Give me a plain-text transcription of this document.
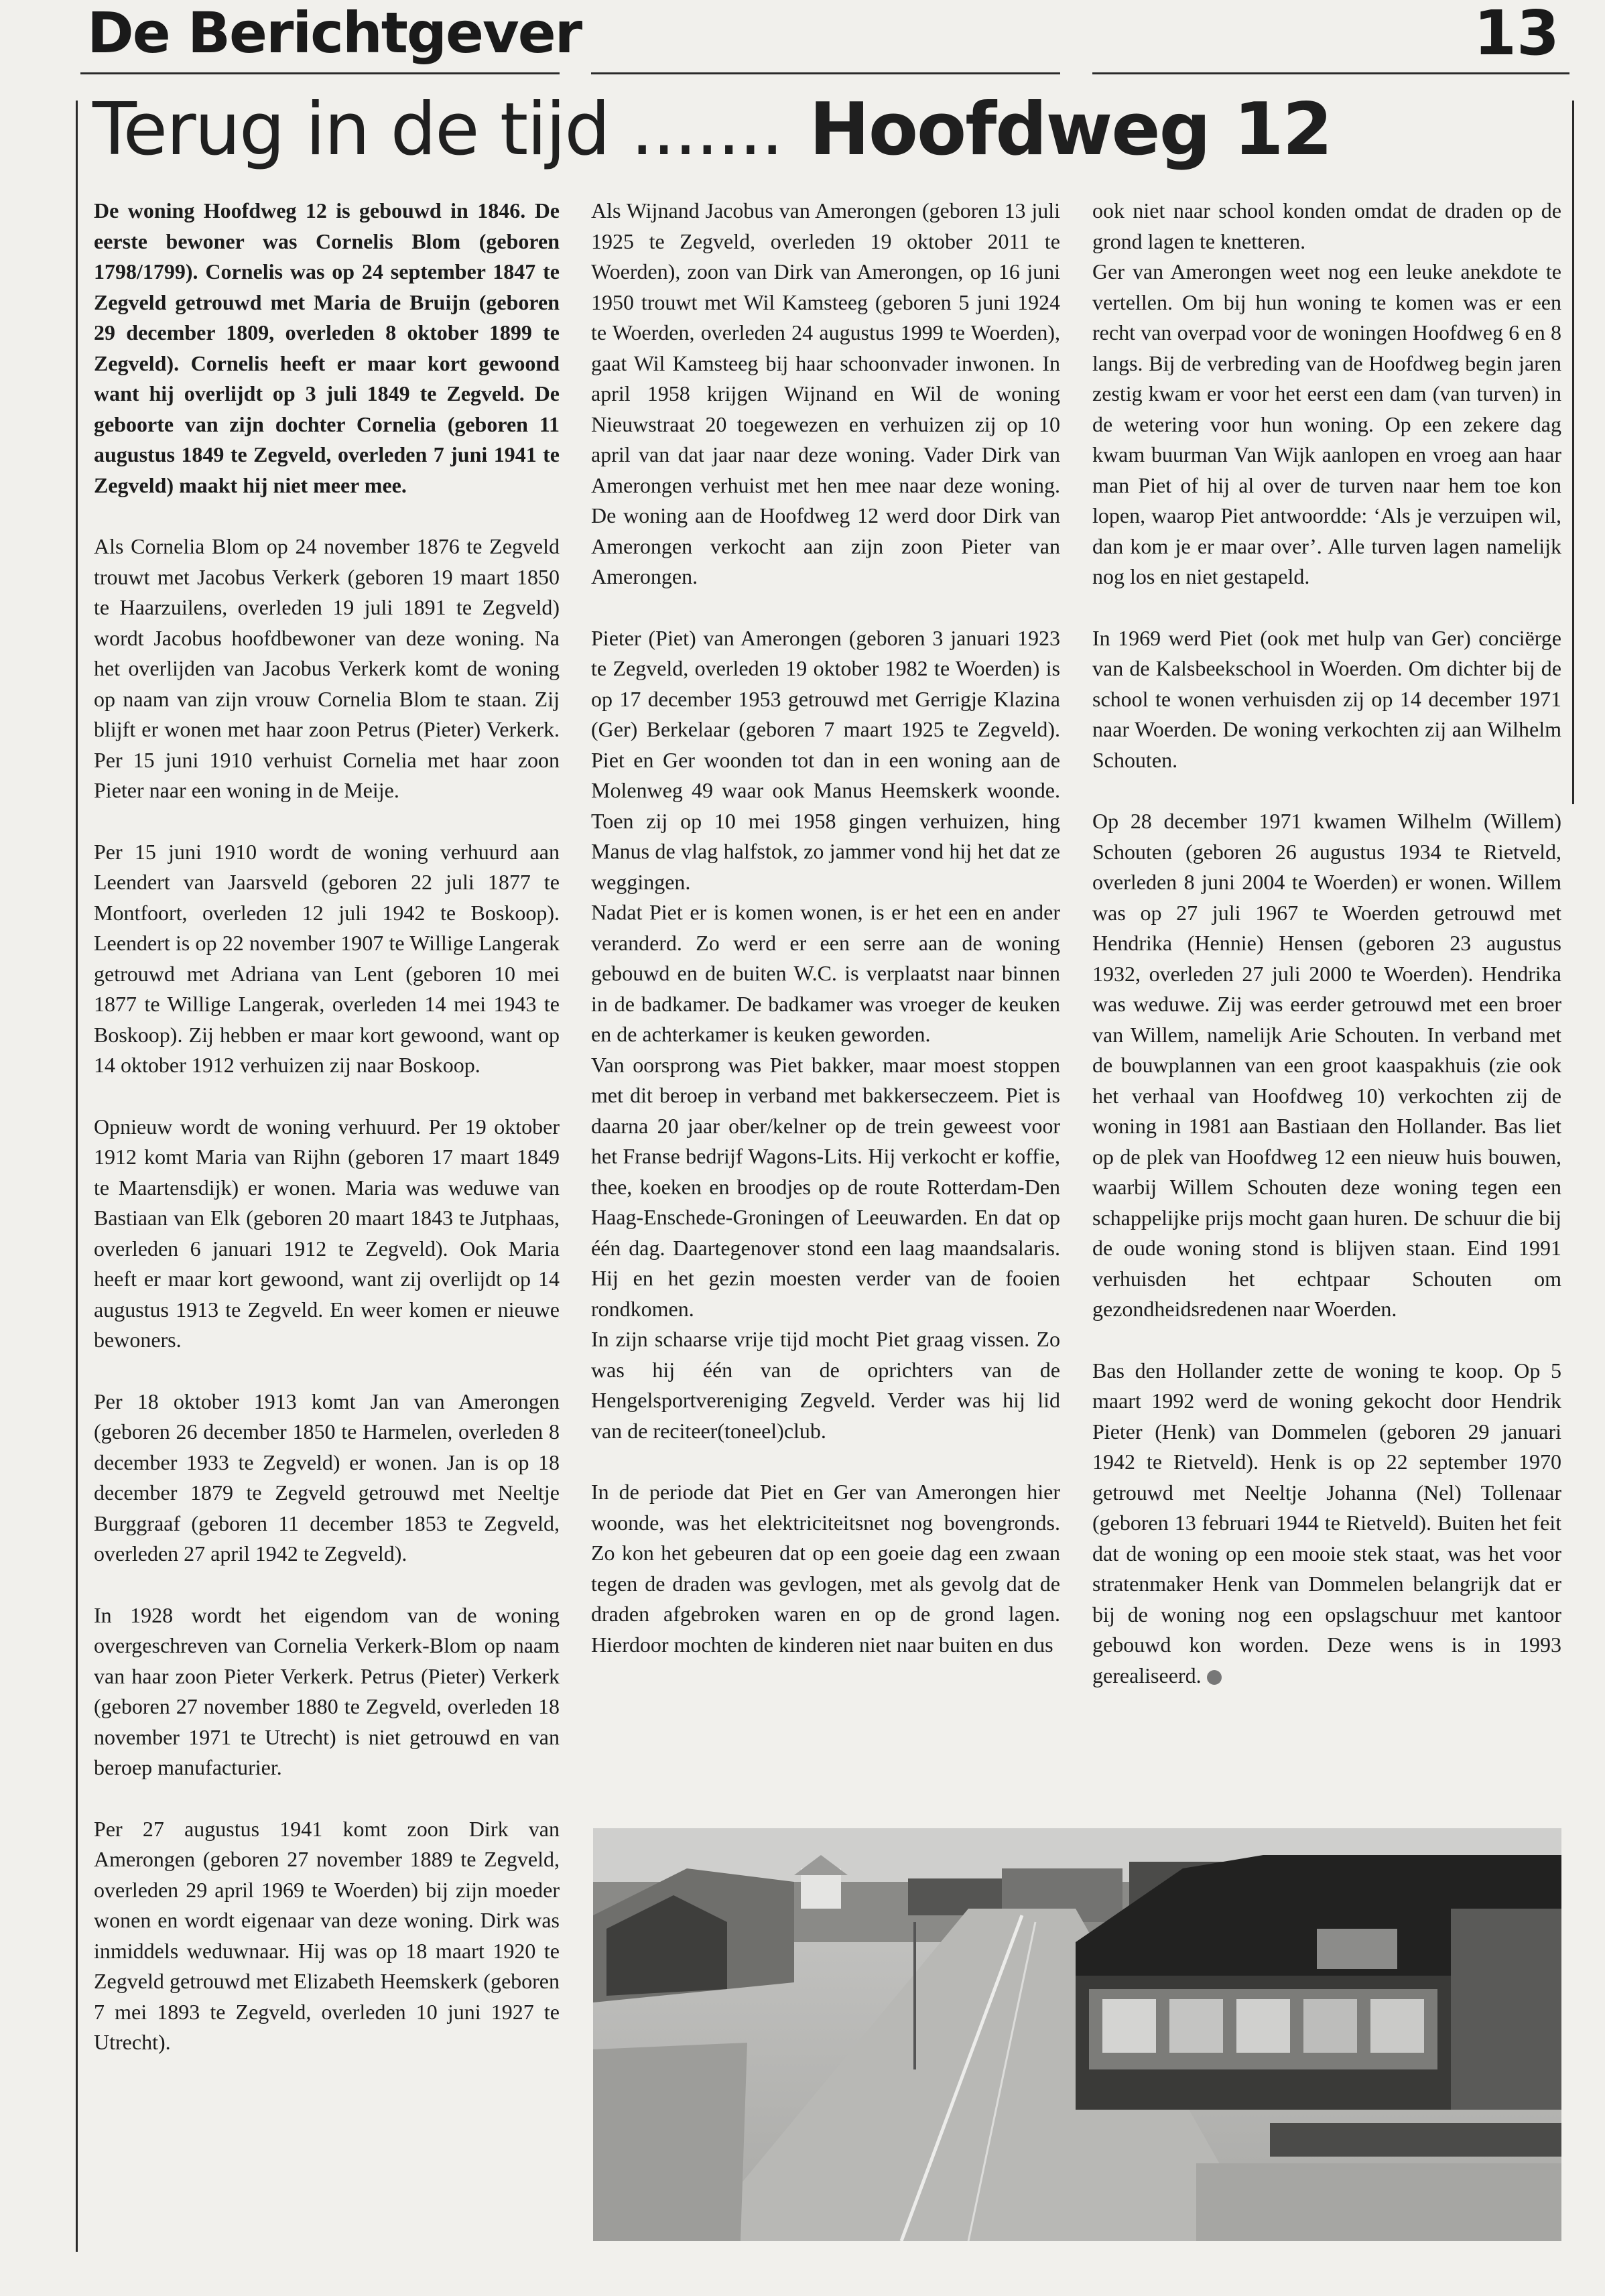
De Berichtgever	13
Terug in de tijd ....... Hoofdweg 12

De woning Hoofdweg 12 is gebouwd in 1846. De eerste bewoner was Cornelis Blom (geboren 1798/1799). Cornelis was op 24 september 1847 te Zegveld getrouwd met Maria de Bruijn (geboren 29 december 1809, overleden 8 oktober 1899 te Zegveld). Cornelis heeft er maar kort gewoond want hij overlijdt op 3 juli 1849 te Zegveld. De geboorte van zijn dochter Cornelia (geboren 11 augustus 1849 te Zegveld, overleden 7 juni 1941 te Zegveld) maakt hij niet meer mee.

Als Cornelia Blom op 24 november 1876 te Zegveld trouwt met Jacobus Verkerk (geboren 19 maart 1850 te Haarzuilens, overleden 19 juli 1891 te Zegveld) wordt Jacobus hoofdbewoner van deze woning. Na het overlijden van Jacobus Verkerk komt de woning op naam van zijn vrouw Cornelia Blom te staan. Zij blijft er wonen met haar zoon Petrus (Pieter) Verkerk. Per 15 juni 1910 verhuist Cornelia met haar zoon Pieter naar een woning in de Meije.

Per 15 juni 1910 wordt de woning verhuurd aan Leendert van Jaarsveld (geboren 22 juli 1877 te Montfoort, overleden 12 juli 1942 te Boskoop). Leendert is op 22 november 1907 te Willige Langerak getrouwd met Adriana van Lent (geboren 10 mei 1877 te Willige Langerak, overleden 14 mei 1943 te Boskoop). Zij hebben er maar kort gewoond, want op 14 oktober 1912 verhuizen zij naar Boskoop.

Opnieuw wordt de woning verhuurd. Per 19 oktober 1912 komt Maria van Rijhn (geboren 17 maart 1849 te Maartensdijk) er wonen. Maria was weduwe van Bastiaan van Elk (geboren 20 maart 1843 te Jutphaas, overleden 6 januari 1912 te Zegveld). Ook Maria heeft er maar kort gewoond, want zij overlijdt op 14 augustus 1913 te Zegveld. En weer komen er nieuwe bewoners.

Per 18 oktober 1913 komt Jan van Amerongen (geboren 26 december 1850 te Harmelen, overleden 8 december 1933 te Zegveld) er wonen. Jan is op 18 december 1879 te Zegveld getrouwd met Neeltje Burggraaf (geboren 11 december 1853 te Zegveld, overleden 27 april 1942 te Zegveld).

In 1928 wordt het eigendom van de woning overgeschreven van Cornelia Verkerk-Blom op naam van haar zoon Pieter Verkerk. Petrus (Pieter) Verkerk (geboren 27 november 1880 te Zegveld, overleden 18 november 1971 te Utrecht) is niet getrouwd en van beroep manufacturier.

Per 27 augustus 1941 komt zoon Dirk van Amerongen (geboren 27 november 1889 te Zegveld, overleden 29 april 1969 te Woerden) bij zijn moeder wonen en wordt eigenaar van deze woning. Dirk was inmiddels weduwnaar. Hij was op 18 maart 1920 te Zegveld getrouwd met Elizabeth Heemskerk (geboren 7 mei 1893 te Zegveld, overleden 10 juni 1927 te Utrecht).

Als Wijnand Jacobus van Amerongen (geboren 13 juli 1925 te Zegveld, overleden 19 oktober 2011 te Woerden), zoon van Dirk van Amerongen, op 16 juni 1950 trouwt met Wil Kamsteeg (geboren 5 juni 1924 te Woerden, overleden 24 augustus 1999 te Woerden), gaat Wil Kamsteeg bij haar schoonvader inwonen. In april 1958 krijgen Wijnand en Wil de woning Nieuwstraat 20 toegewezen en verhuizen zij op 10 april van dat jaar naar deze woning. Vader Dirk van Amerongen verhuist met hen mee naar deze woning. De woning aan de Hoofdweg 12 werd door Dirk van Amerongen verkocht aan zijn zoon Pieter van Amerongen.

Pieter (Piet) van Amerongen (geboren 3 januari 1923 te Zegveld, overleden 19 oktober 1982 te Woerden) is op 17 december 1953 getrouwd met Gerrigje Klazina (Ger) Berkelaar (geboren 7 maart 1925 te Zegveld). Piet en Ger woonden tot dan in een woning aan de Molenweg 49 waar ook Manus Heemskerk woonde. Toen zij op 10 mei 1958 gingen verhuizen, hing Manus de vlag halfstok, zo jammer vond hij het dat ze weggingen.

Nadat Piet er is komen wonen, is er het een en ander veranderd. Zo werd er een serre aan de woning gebouwd en de buiten W.C. is verplaatst naar binnen in de badkamer. De badkamer was vroeger de keuken en de achterkamer is keuken geworden.

Van oorsprong was Piet bakker, maar moest stoppen met dit beroep in verband met bakkerseczeem. Piet is daarna 20 jaar ober/kelner op de trein geweest voor het Franse bedrijf Wagons-Lits. Hij verkocht er koffie, thee, koeken en broodjes op de route Rotterdam-Den Haag-Enschede-Groningen of Leeuwarden. En dat op één dag. Daartegenover stond een laag maandsalaris. Hij en het gezin moesten verder van de fooien rondkomen.

In zijn schaarse vrije tijd mocht Piet graag vissen. Zo was hij één van de oprichters van de Hengelsportvereniging Zegveld. Verder was hij lid van de reciteer(toneel)club.

In de periode dat Piet en Ger van Amerongen hier woonde, was het elektriciteitsnet nog bovengronds. Zo kon het gebeuren dat op een goeie dag een zwaan tegen de draden was gevlogen, met als gevolg dat de draden afgebroken waren en op de grond lagen. Hierdoor mochten de kinderen niet naar buiten en dus

ook niet naar school konden omdat de draden op de grond lagen te knetteren.

Ger van Amerongen weet nog een leuke anekdote te vertellen. Om bij hun woning te komen was er een recht van overpad voor de woningen Hoofdweg 6 en 8 langs. Bij de verbreding van de Hoofdweg begin jaren zestig kwam er voor het eerst een dam (van turven) in de wetering voor hun woning. Op een zekere dag kwam buurman Van Wijk aanlopen en vroeg aan haar man Piet of hij al over de turven naar hem toe kon lopen, waarop Piet antwoordde: ‘Als je verzuipen wil, dan kom je er maar over’. Alle turven lagen namelijk nog los en niet gestapeld.

In 1969 werd Piet (ook met hulp van Ger) conciërge van de Kalsbeekschool in Woerden. Om dichter bij de school te wonen verhuisden zij op 14 december 1971 naar Woerden. De woning verkochten zij aan Wilhelm Schouten.

Op 28 december 1971 kwamen Wilhelm (Willem) Schouten (geboren 26 augustus 1934 te Rietveld, overleden 8 juni 2004 te Woerden) er wonen. Willem was op 27 juli 1967 te Woerden getrouwd met Hendrika (Hennie) Hensen (geboren 23 augustus 1932, overleden 27 juli 2000 te Woerden). Hendrika was weduwe. Zij was eerder getrouwd met een broer van Willem, namelijk Arie Schouten. In verband met de bouwplannen van een groot kaaspakhuis (zie ook het verhaal van Hoofdweg 10) verkochten zij de woning in 1981 aan Bastiaan den Hollander. Bas liet op de plek van Hoofdweg 12 een nieuw huis bouwen, waarbij Willem Schouten deze woning tegen een schappelijke prijs mocht gaan huren. De schuur die bij de oude woning stond is blijven staan. Eind 1991 verhuisden het echtpaar Schouten om gezondheidsredenen naar Woerden.

Bas den Hollander zette de woning te koop. Op 5 maart 1992 werd de woning gekocht door Hendrik Pieter (Henk) van Dommelen (geboren 29 januari 1942 te Rietveld). Henk is op 22 september 1970 getrouwd met Neeltje Johanna (Nel) Tollenaar (geboren 13 februari 1944 te Rietveld). Buiten het feit dat de woning op een mooie stek staat, was het voor stratenmaker Henk van Dommelen belangrijk dat er bij de woning nog een opslagschuur met kantoor gebouwd kon worden. Deze wens is in 1993 gerealiseerd.
